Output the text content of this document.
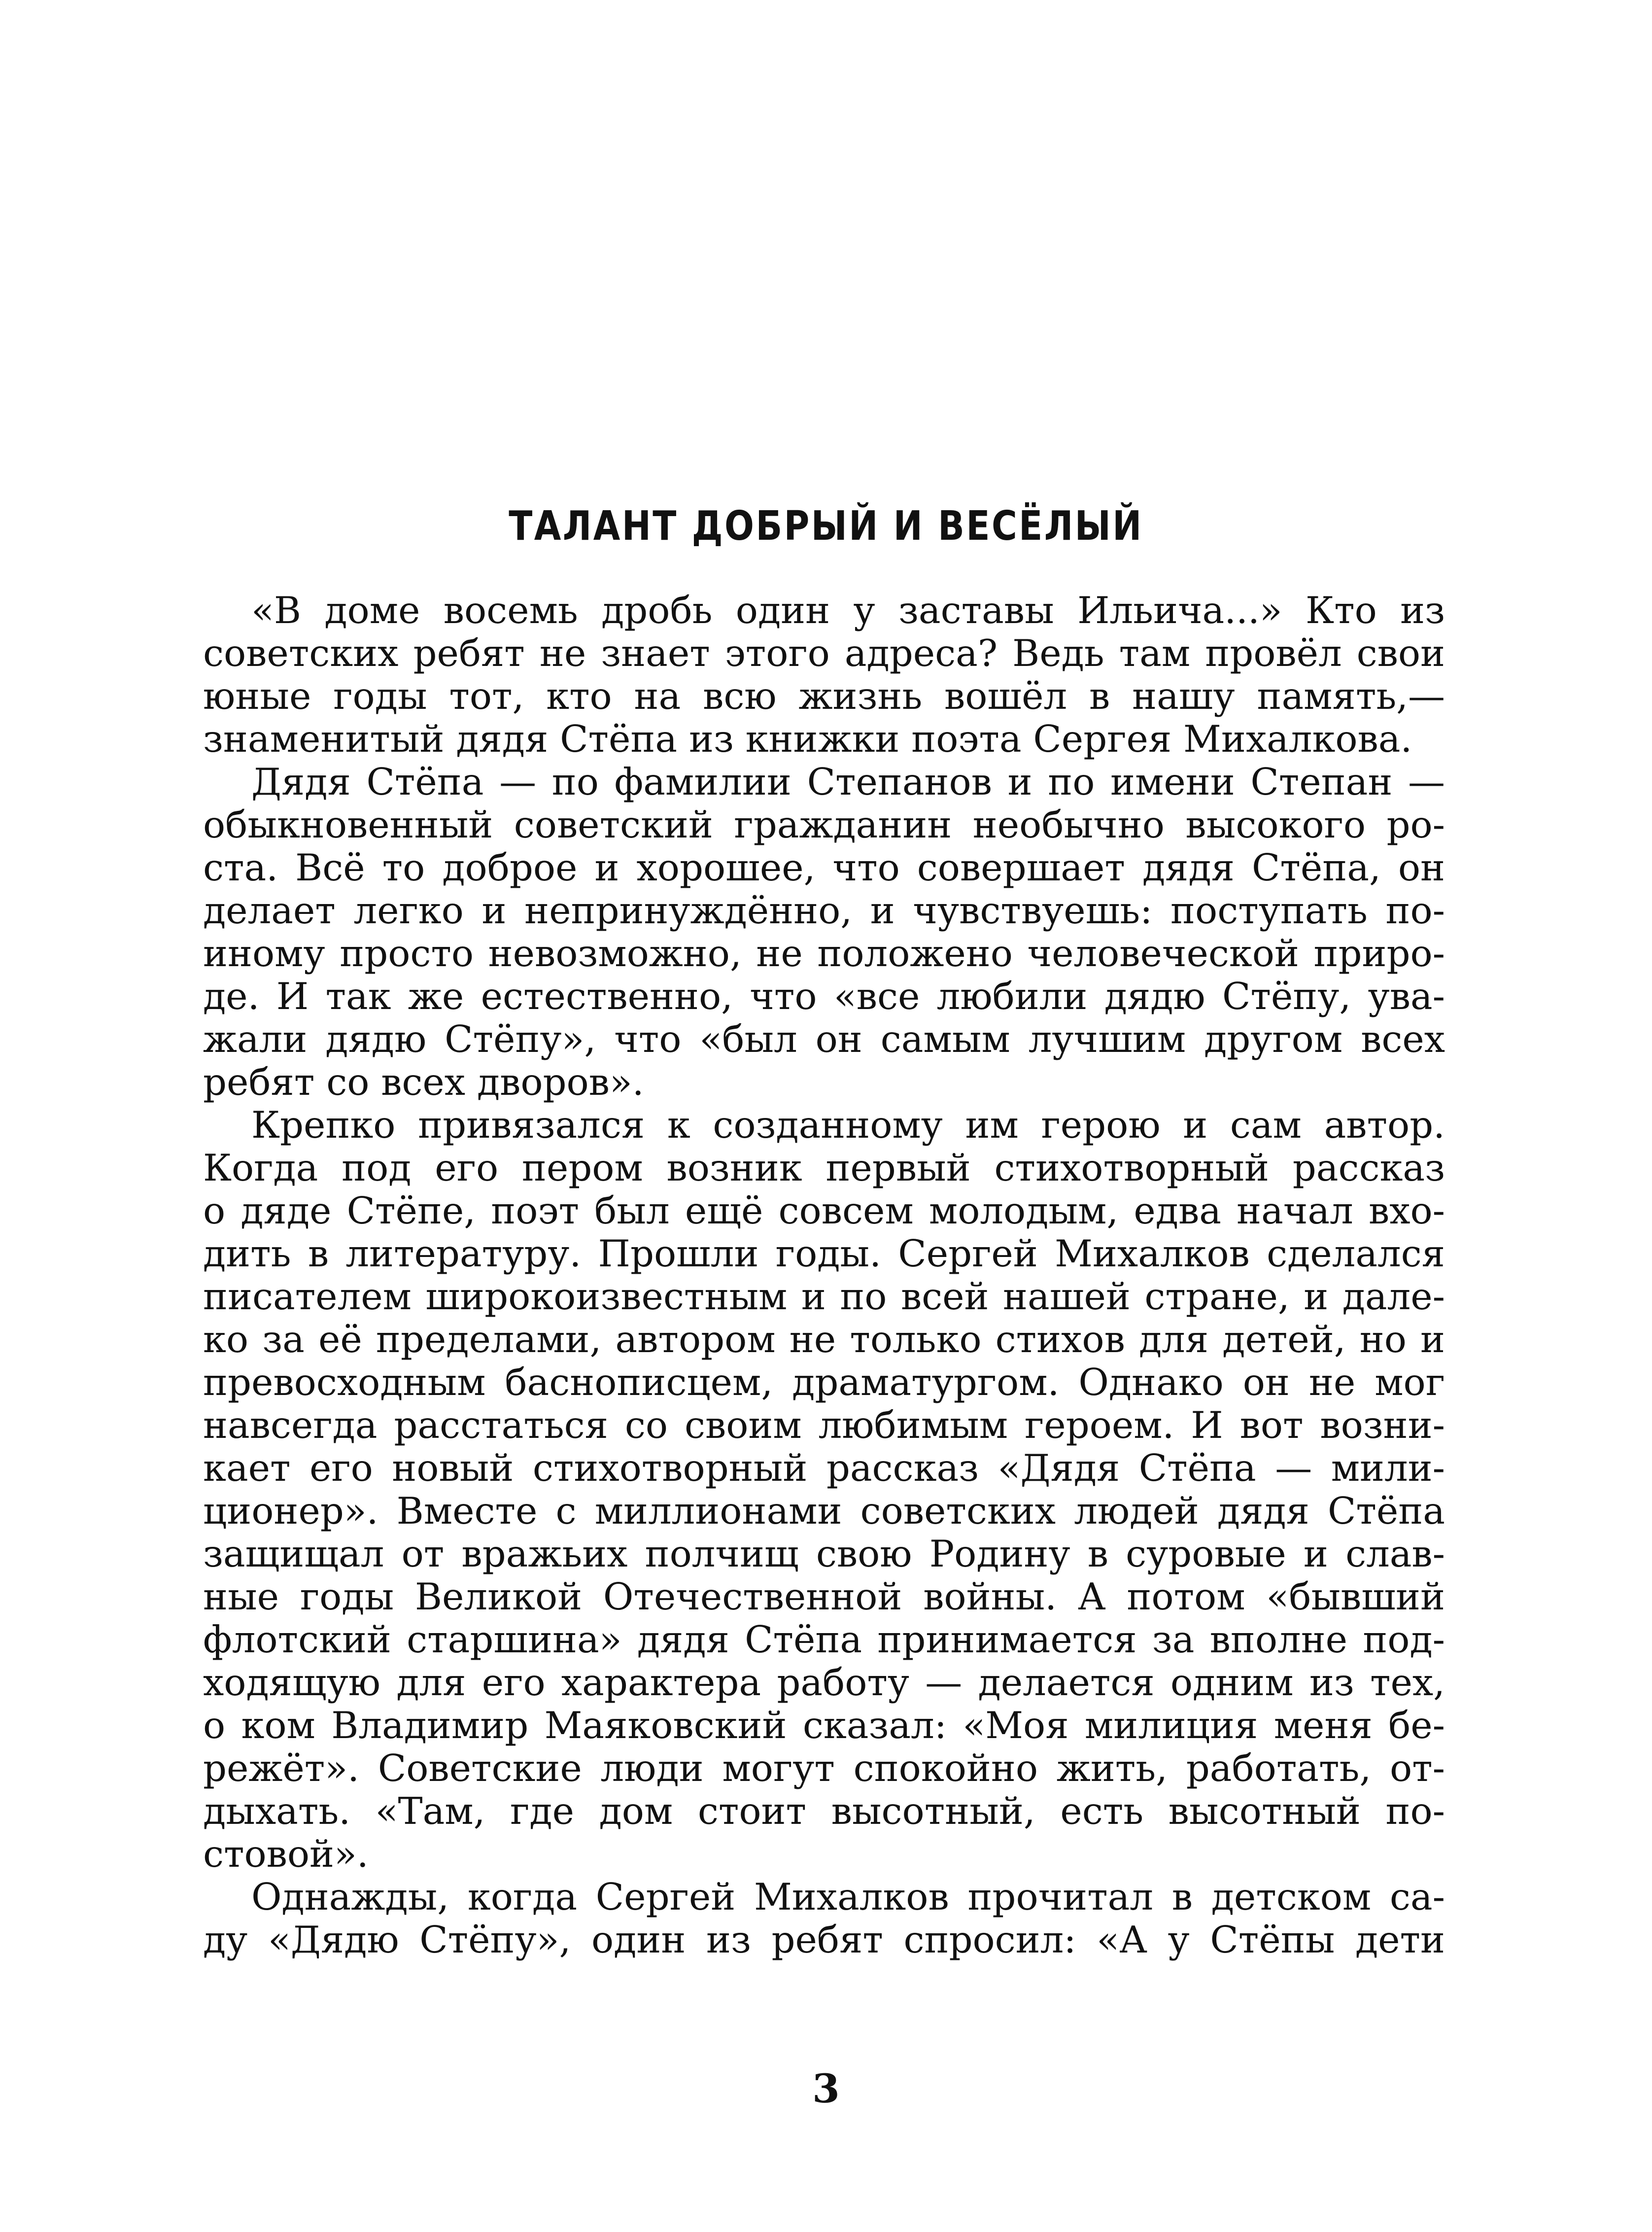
ТАЛАНТ ДОБРЫЙ И ВЕСЁЛЫЙ
«В доме восемь дробь один у заставы Ильича...» Кто из
советских ребят не знает этого адреса? Ведь там провёл свои
юные годы тот, кто на всю жизнь вошёл в нашу память,—
знаменитый дядя Стёпа из книжки поэта Сергея Михалкова.
Дядя Стёпа — по фамилии Степанов и по имени Степан —
обыкновенный советский гражданин необычно высокого ро-
ста. Всё то доброе и хорошее, что совершает дядя Стёпа, он
делает легко и непринуждённо, и чувствуешь: поступать по-
иному просто невозможно, не положено человеческой приро-
де. И так же естественно, что «все любили дядю Стёпу, ува-
жали дядю Стёпу», что «был он самым лучшим другом всех
ребят со всех дворов».
Крепко привязался к созданному им герою и сам автор.
Когда под его пером возник первый стихотворный рассказ
о дяде Стёпе, поэт был ещё совсем молодым, едва начал вхо-
дить в литературу. Прошли годы. Сергей Михалков сделался
писателем широкоизвестным и по всей нашей стране, и дале-
ко за её пределами, автором не только стихов для детей, но и
превосходным баснописцем, драматургом. Однако он не мог
навсегда расстаться со своим любимым героем. И вот возни-
кает его новый стихотворный рассказ «Дядя Стёпа — мили-
ционер». Вместе с миллионами советских людей дядя Стёпа
защищал от вражьих полчищ свою Родину в суровые и слав-
ные годы Великой Отечественной войны. А потом «бывший
флотский старшина» дядя Стёпа принимается за вполне под-
ходящую для его характера работу — делается одним из тех,
о ком Владимир Маяковский сказал: «Моя милиция меня бе-
режёт». Советские люди могут спокойно жить, работать, от-
дыхать. «Там, где дом стоит высотный, есть высотный по-
стовой».
Однажды, когда Сергей Михалков прочитал в детском са-
ду «Дядю Стёпу», один из ребят спросил: «А у Стёпы дети
3
